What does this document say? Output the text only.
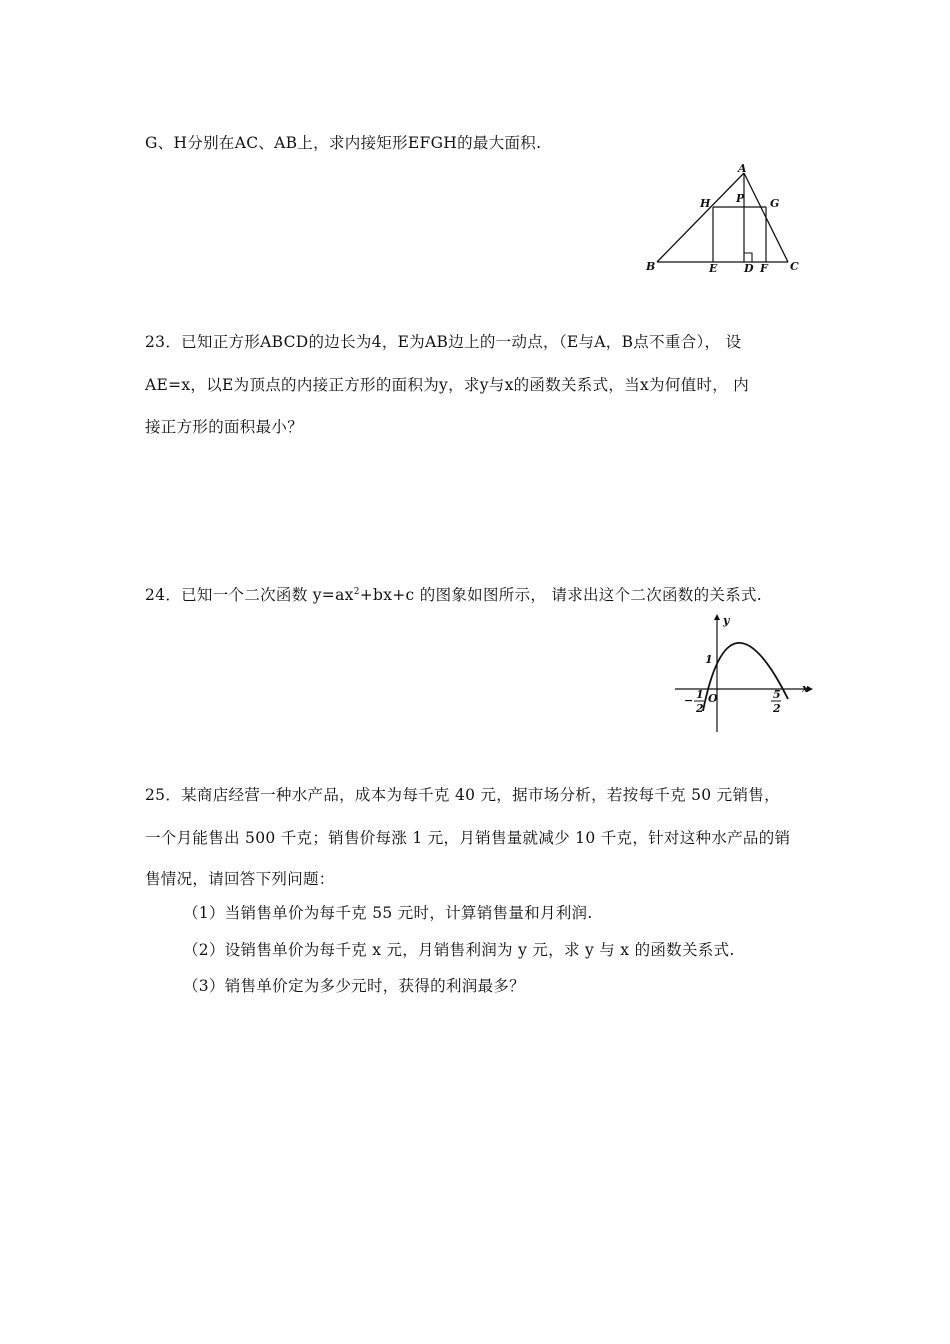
G、H分别在AC、AB上，求内接矩形EFGH的最大面积.
A
B	C
H P G
E D F
23．已知正方形ABCD的边长为4，E为AB边上的一动点，（E与A，B点不重合）， 设
AE=x，以E为顶点的内接正方形的面积为y，求y与x的函数关系式，当x为何值时， 内
接正方形的面积最小？
24．已知一个二次函数 $y=ax^2+bx+c$ 的图象如图所示， 请求出这个二次函数的关系式.
y
x
O
1
− 1
2
5
2
25．某商店经营一种水产品，成本为每千克 40 元，据市场分析，若按每千克 50 元销售，
一个月能售出 500 千克；销售价每涨 1 元，月销售量就减少 10 千克，针对这种水产品的销
售情况，请回答下列问题：
（1）当销售单价为每千克 55 元时，计算销售量和月利润.
（2）设销售单价为每千克 x 元，月销售利润为 y 元，求 y 与 x 的函数关系式.
（3）销售单价定为多少元时，获得的利润最多？
